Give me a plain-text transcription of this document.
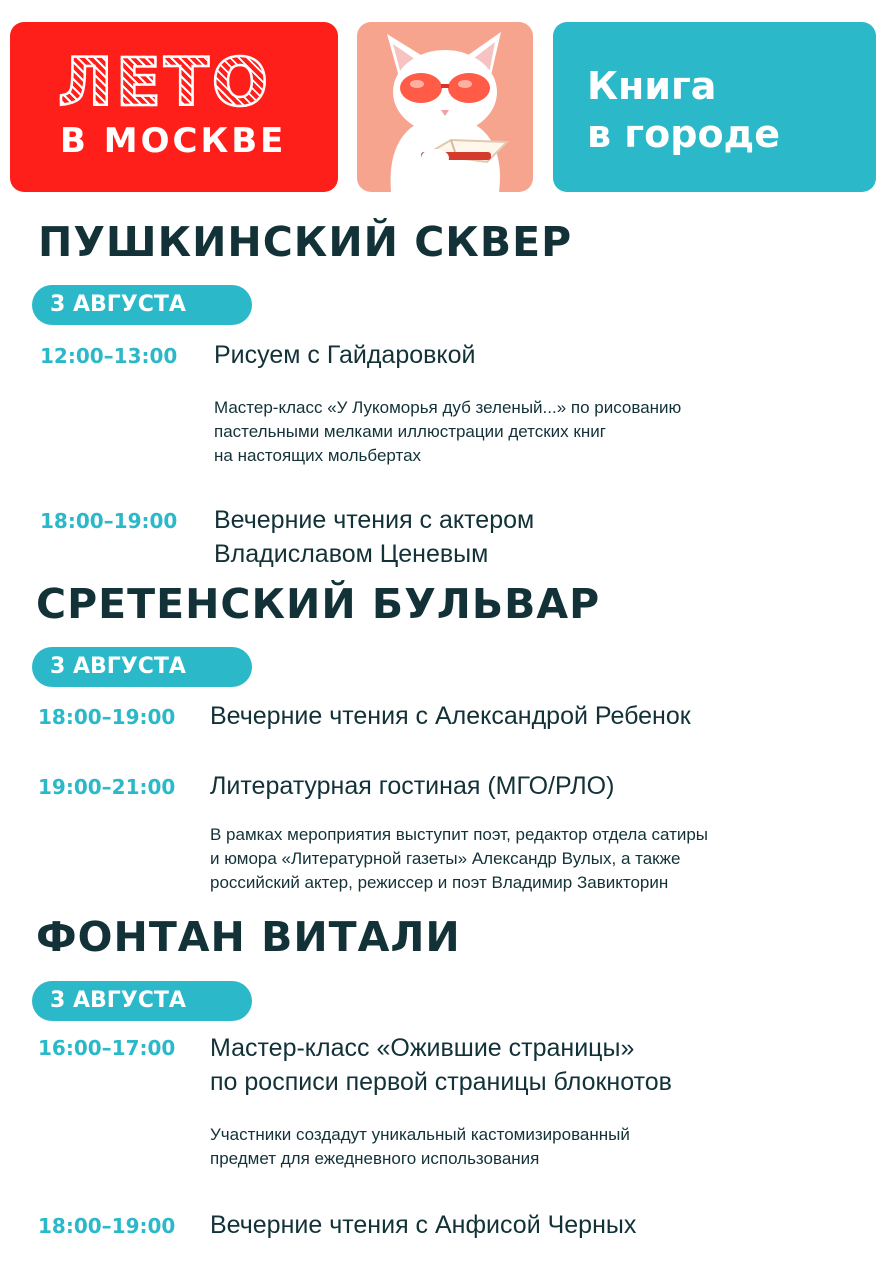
ЛЕТО
В МОСКВЕ
Книга
в городе
ПУШКИНСКИЙ СКВЕР
3 АВГУСТА
12:00–13:00 Рисуем с Гайдаровкой
Мастер-класс «У Лукоморья дуб зеленый...» по рисованию
пастельными мелками иллюстрации детских книг
на настоящих мольбертах
18:00–19:00 Вечерние чтения с актером
Владиславом Ценевым
СРЕТЕНСКИЙ БУЛЬВАР
3 АВГУСТА
18:00–19:00 Вечерние чтения с Александрой Ребенок
19:00–21:00 Литературная гостиная (МГО/РЛО)
В рамках мероприятия выступит поэт, редактор отдела сатиры
и юмора «Литературной газеты» Александр Вулых, а также
российский актер, режиссер и поэт Владимир Завикторин
ФОНТАН ВИТАЛИ
3 АВГУСТА
16:00–17:00 Мастер-класс «Ожившие страницы»
по росписи первой страницы блокнотов
Участники создадут уникальный кастомизированный
предмет для ежедневного использования
18:00–19:00 Вечерние чтения с Анфисой Черных
